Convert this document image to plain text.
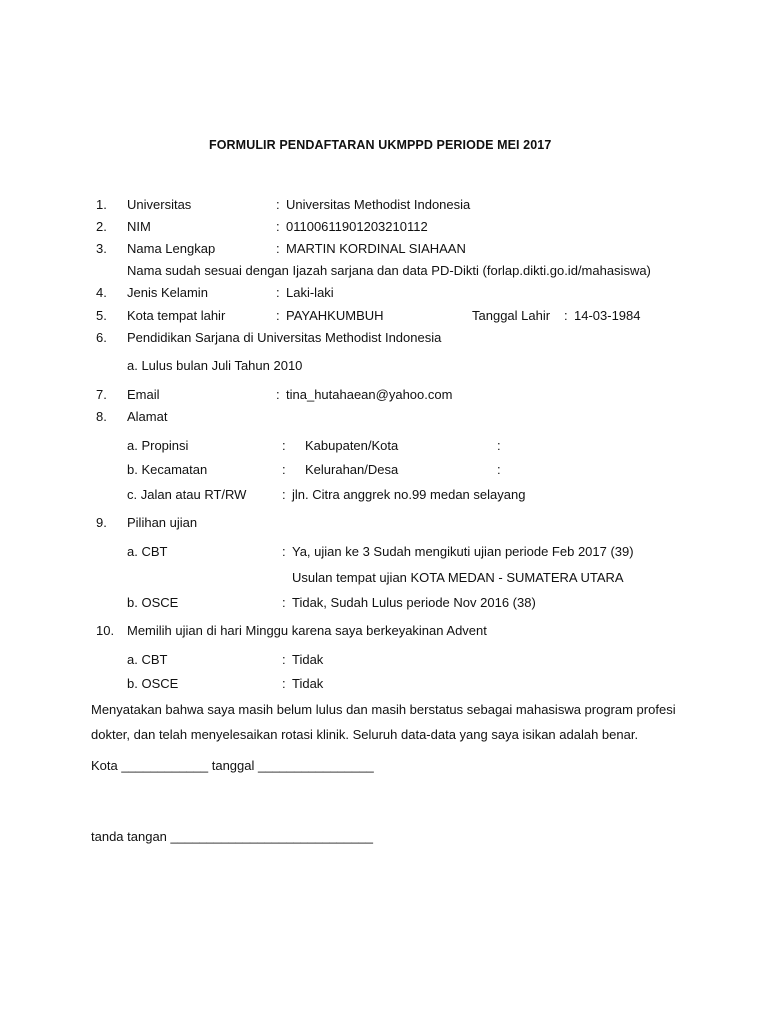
FORMULIR PENDAFTARAN UKMPPD PERIODE MEI 2017
1. Universitas	: Universitas Methodist Indonesia
2. NIM	: 01100611901203210112
3. Nama Lengkap	: MARTIN KORDINAL SIAHAAN
Nama sudah sesuai dengan Ijazah sarjana dan data PD-Dikti (forlap.dikti.go.id/mahasiswa)
4. Jenis Kelamin	: Laki-laki
5. Kota tempat lahir	: PAYAHKUMBUH	Tanggal Lahir : 14-03-1984
6. Pendidikan Sarjana di Universitas Methodist Indonesia
a. Lulus bulan Juli Tahun 2010
7. Email	: tina_hutahaean@yahoo.com
8. Alamat
a. Propinsi	: Kabupaten/Kota	:
b. Kecamatan	: Kelurahan/Desa	:
c. Jalan atau RT/RW	: jln. Citra anggrek no.99 medan selayang
9. Pilihan ujian
a. CBT	: Ya, ujian ke 3 Sudah mengikuti ujian periode Feb 2017 (39)
Usulan tempat ujian KOTA MEDAN - SUMATERA UTARA
b. OSCE	: Tidak, Sudah Lulus periode Nov 2016 (38)
10. Memilih ujian di hari Minggu karena saya berkeyakinan Advent
a. CBT	: Tidak
b. OSCE	: Tidak
Menyatakan bahwa saya masih belum lulus dan masih berstatus sebagai mahasiswa program profesi
dokter, dan telah menyelesaikan rotasi klinik. Seluruh data-data yang saya isikan adalah benar.
Kota ____________ tanggal ________________
tanda tangan ____________________________
